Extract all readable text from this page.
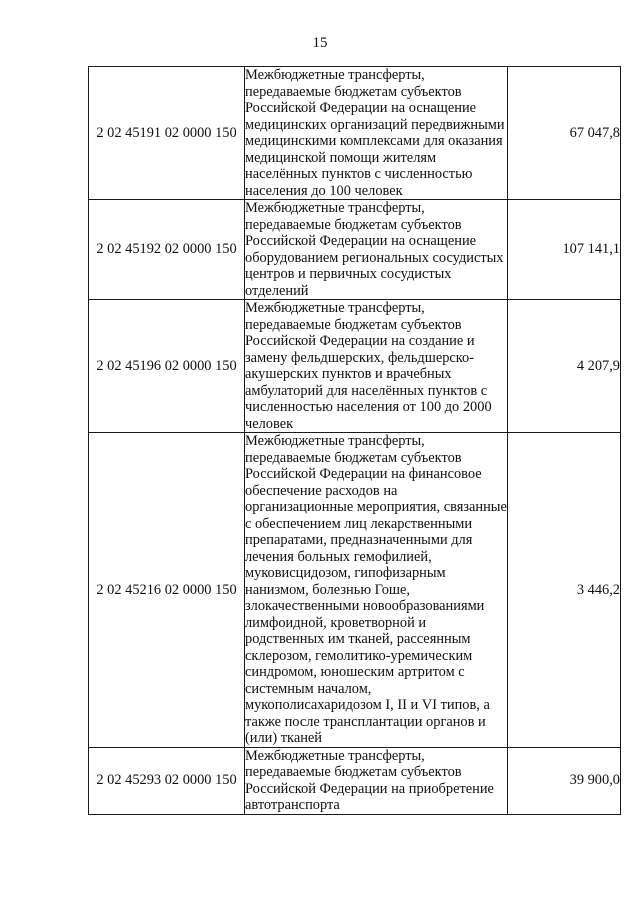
15
2 02 45191 02 0000 150	Межбюджетные трансферты, передаваемые бюджетам субъектов Российской Федерации на оснащение медицинских организаций передвижными медицинскими комплексами для оказания медицинской помощи жителям населённых пунктов с численностью населения до 100 человек	67 047,8
2 02 45192 02 0000 150	Межбюджетные трансферты, передаваемые бюджетам субъектов Российской Федерации на оснащение оборудованием региональных сосудистых центров и первичных сосудистых отделений	107 141,1
2 02 45196 02 0000 150	Межбюджетные трансферты, передаваемые бюджетам субъектов Российской Федерации на создание и замену фельдшерских, фельдшерско-акушерских пунктов и врачебных амбулаторий для населённых пунктов с численностью населения от 100 до 2000 человек	4 207,9
2 02 45216 02 0000 150	Межбюджетные трансферты, передаваемые бюджетам субъектов Российской Федерации на финансовое обеспечение расходов на организационные мероприятия, связанные с обеспечением лиц лекарственными препаратами, предназначенными для лечения больных гемофилией, муковисцидозом, гипофизарным нанизмом, болезнью Гоше, злокачественными новообразованиями лимфоидной, кроветворной и родственных им тканей, рассеянным склерозом, гемолитико-уремическим синдромом, юношеским артритом с системным началом, мукополисахаридозом I, II и VI типов, а также после трансплантации органов и (или) тканей	3 446,2
2 02 45293 02 0000 150	Межбюджетные трансферты, передаваемые бюджетам субъектов Российской Федерации на приобретение автотранспорта	39 900,0
